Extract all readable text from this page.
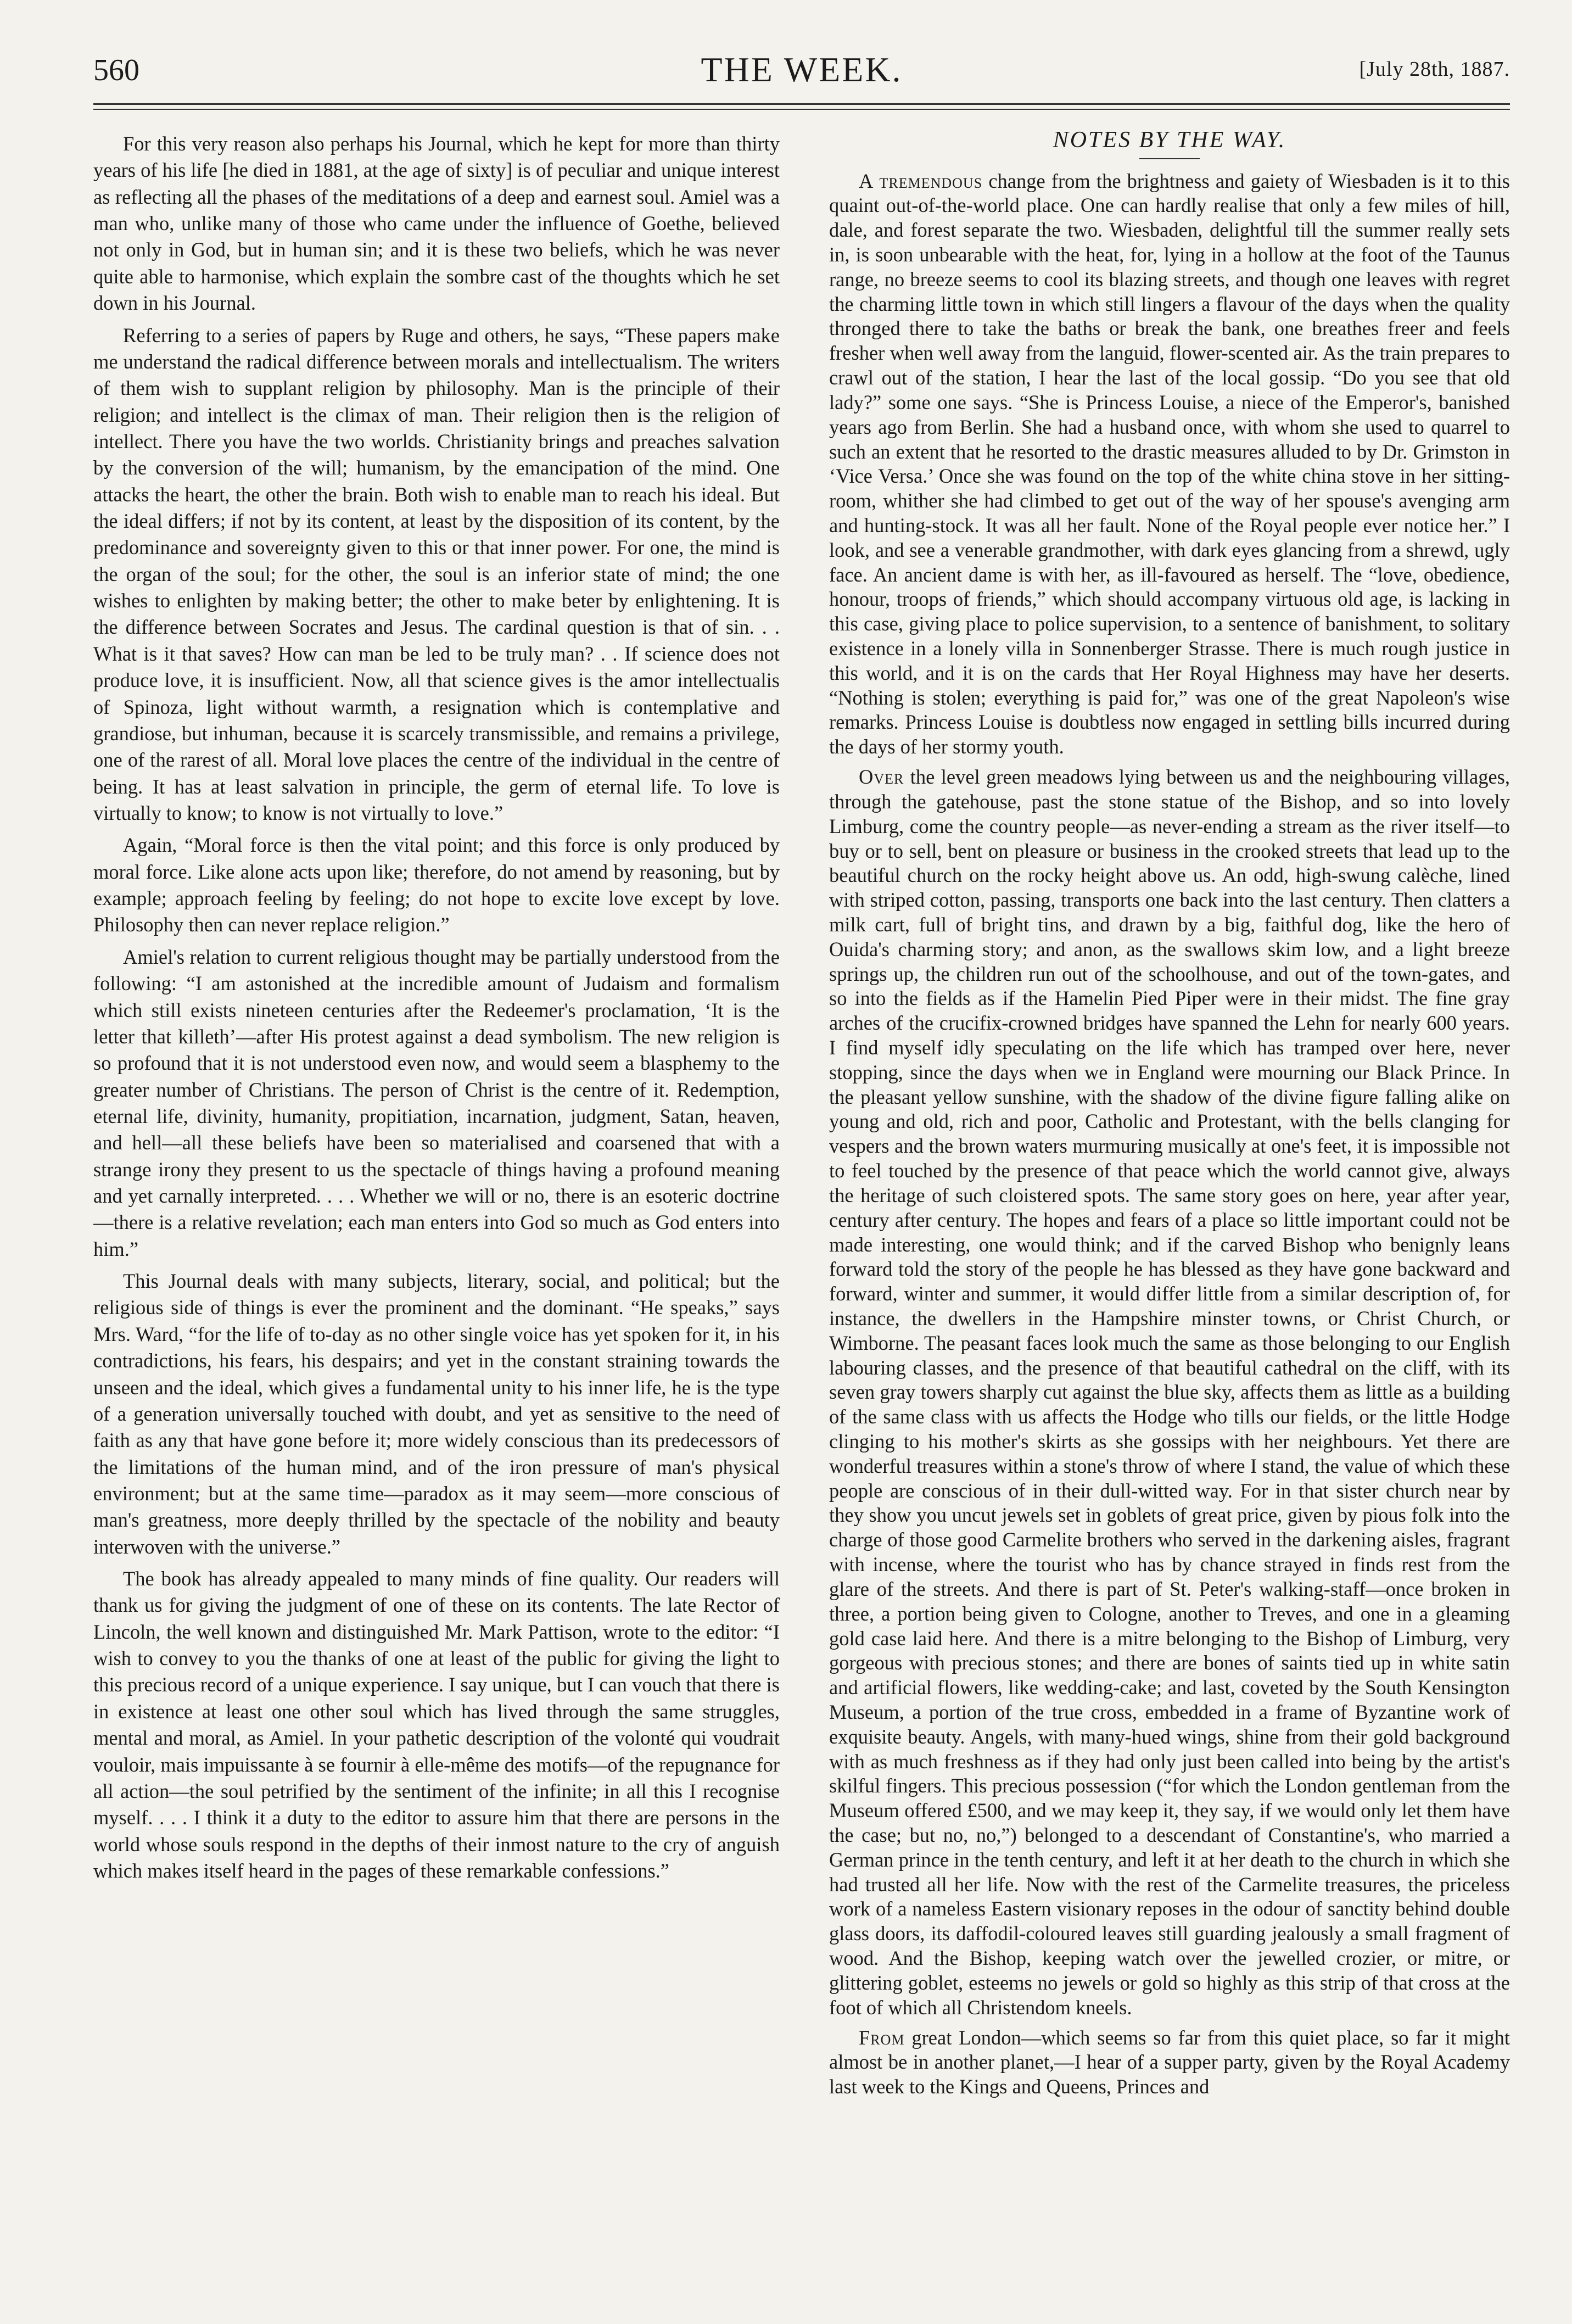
560	THE WEEK.	[July 28th, 1887.

For this very reason also perhaps his Journal, which he kept for more than thirty years of his life [he died in 1881, at the age of sixty] is of peculiar and unique interest as reflecting all the phases of the meditations of a deep and earnest soul. Amiel was a man who, unlike many of those who came under the influence of Goethe, believed not only in God, but in human sin; and it is these two beliefs, which he was never quite able to harmonise, which explain the sombre cast of the thoughts which he set down in his Journal.

Referring to a series of papers by Ruge and others, he says, “These papers make me understand the radical difference between morals and intellectualism. The writers of them wish to supplant religion by philosophy. Man is the principle of their religion; and intellect is the climax of man. Their religion then is the religion of intellect. There you have the two worlds. Christianity brings and preaches salvation by the conversion of the will; humanism, by the emancipation of the mind. One attacks the heart, the other the brain. Both wish to enable man to reach his ideal. But the ideal differs; if not by its content, at least by the disposition of its content, by the predominance and sovereignty given to this or that inner power. For one, the mind is the organ of the soul; for the other, the soul is an inferior state of mind; the one wishes to enlighten by making better; the other to make beter by enlightening. It is the difference between Socrates and Jesus. The cardinal question is that of sin. . . What is it that saves? How can man be led to be truly man? . . If science does not produce love, it is insufficient. Now, all that science gives is the amor intellectualis of Spinoza, light without warmth, a resignation which is contemplative and grandiose, but inhuman, because it is scarcely transmissible, and remains a privilege, one of the rarest of all. Moral love places the centre of the individual in the centre of being. It has at least salvation in principle, the germ of eternal life. To love is virtually to know; to know is not virtually to love.”

Again, “Moral force is then the vital point; and this force is only produced by moral force. Like alone acts upon like; therefore, do not amend by reasoning, but by example; approach feeling by feeling; do not hope to excite love except by love. Philosophy then can never replace religion.”

Amiel's relation to current religious thought may be partially understood from the following: “I am astonished at the incredible amount of Judaism and formalism which still exists nineteen centuries after the Redeemer's proclamation, ‘It is the letter that killeth’—after His protest against a dead symbolism. The new religion is so profound that it is not understood even now, and would seem a blasphemy to the greater number of Christians. The person of Christ is the centre of it. Redemption, eternal life, divinity, humanity, propitiation, incarnation, judgment, Satan, heaven, and hell—all these beliefs have been so materialised and coarsened that with a strange irony they present to us the spectacle of things having a profound meaning and yet carnally interpreted. . . . Whether we will or no, there is an esoteric doctrine—there is a relative revelation; each man enters into God so much as God enters into him.”

This Journal deals with many subjects, literary, social, and political; but the religious side of things is ever the prominent and the dominant. “He speaks,” says Mrs. Ward, “for the life of to-day as no other single voice has yet spoken for it, in his contradictions, his fears, his despairs; and yet in the constant straining towards the unseen and the ideal, which gives a fundamental unity to his inner life, he is the type of a generation universally touched with doubt, and yet as sensitive to the need of faith as any that have gone before it; more widely conscious than its predecessors of the limitations of the human mind, and of the iron pressure of man's physical environment; but at the same time—paradox as it may seem—more conscious of man's greatness, more deeply thrilled by the spectacle of the nobility and beauty interwoven with the universe.”

The book has already appealed to many minds of fine quality. Our readers will thank us for giving the judgment of one of these on its contents. The late Rector of Lincoln, the well known and distinguished Mr. Mark Pattison, wrote to the editor: “I wish to convey to you the thanks of one at least of the public for giving the light to this precious record of a unique experience. I say unique, but I can vouch that there is in existence at least one other soul which has lived through the same struggles, mental and moral, as Amiel. In your pathetic description of the volonté qui voudrait vouloir, mais impuissante à se fournir à elle-même des motifs—of the repugnance for all action—the soul petrified by the sentiment of the infinite; in all this I recognise myself. . . . I think it a duty to the editor to assure him that there are persons in the world whose souls respond in the depths of their inmost nature to the cry of anguish which makes itself heard in the pages of these remarkable confessions.”

NOTES BY THE WAY.

A tremendous change from the brightness and gaiety of Wiesbaden is it to this quaint out-of-the-world place. One can hardly realise that only a few miles of hill, dale, and forest separate the two. Wiesbaden, delightful till the summer really sets in, is soon unbearable with the heat, for, lying in a hollow at the foot of the Taunus range, no breeze seems to cool its blazing streets, and though one leaves with regret the charming little town in which still lingers a flavour of the days when the quality thronged there to take the baths or break the bank, one breathes freer and feels fresher when well away from the languid, flower-scented air. As the train prepares to crawl out of the station, I hear the last of the local gossip. “Do you see that old lady?” some one says. “She is Princess Louise, a niece of the Emperor's, banished years ago from Berlin. She had a husband once, with whom she used to quarrel to such an extent that he resorted to the drastic measures alluded to by Dr. Grimston in ‘Vice Versa.’ Once she was found on the top of the white china stove in her sitting-room, whither she had climbed to get out of the way of her spouse's avenging arm and hunting-stock. It was all her fault. None of the Royal people ever notice her.” I look, and see a venerable grandmother, with dark eyes glancing from a shrewd, ugly face. An ancient dame is with her, as ill-favoured as herself. The “love, obedience, honour, troops of friends,” which should accompany virtuous old age, is lacking in this case, giving place to police supervision, to a sentence of banishment, to solitary existence in a lonely villa in Sonnenberger Strasse. There is much rough justice in this world, and it is on the cards that Her Royal Highness may have her deserts. “Nothing is stolen; everything is paid for,” was one of the great Napoleon's wise remarks. Princess Louise is doubtless now engaged in settling bills incurred during the days of her stormy youth.

Over the level green meadows lying between us and the neighbouring villages, through the gatehouse, past the stone statue of the Bishop, and so into lovely Limburg, come the country people—as never-ending a stream as the river itself—to buy or to sell, bent on pleasure or business in the crooked streets that lead up to the beautiful church on the rocky height above us. An odd, high-swung calèche, lined with striped cotton, passing, transports one back into the last century. Then clatters a milk cart, full of bright tins, and drawn by a big, faithful dog, like the hero of Ouida's charming story; and anon, as the swallows skim low, and a light breeze springs up, the children run out of the schoolhouse, and out of the town-gates, and so into the fields as if the Hamelin Pied Piper were in their midst. The fine gray arches of the crucifix-crowned bridges have spanned the Lehn for nearly 600 years. I find myself idly speculating on the life which has tramped over here, never stopping, since the days when we in England were mourning our Black Prince. In the pleasant yellow sunshine, with the shadow of the divine figure falling alike on young and old, rich and poor, Catholic and Protestant, with the bells clanging for vespers and the brown waters murmuring musically at one's feet, it is impossible not to feel touched by the presence of that peace which the world cannot give, always the heritage of such cloistered spots. The same story goes on here, year after year, century after century. The hopes and fears of a place so little important could not be made interesting, one would think; and if the carved Bishop who benignly leans forward told the story of the people he has blessed as they have gone backward and forward, winter and summer, it would differ little from a similar description of, for instance, the dwellers in the Hampshire minster towns, or Christ Church, or Wimborne. The peasant faces look much the same as those belonging to our English labouring classes, and the presence of that beautiful cathedral on the cliff, with its seven gray towers sharply cut against the blue sky, affects them as little as a building of the same class with us affects the Hodge who tills our fields, or the little Hodge clinging to his mother's skirts as she gossips with her neighbours. Yet there are wonderful treasures within a stone's throw of where I stand, the value of which these people are conscious of in their dull-witted way. For in that sister church near by they show you uncut jewels set in goblets of great price, given by pious folk into the charge of those good Carmelite brothers who served in the darkening aisles, fragrant with incense, where the tourist who has by chance strayed in finds rest from the glare of the streets. And there is part of St. Peter's walking-staff—once broken in three, a portion being given to Cologne, another to Treves, and one in a gleaming gold case laid here. And there is a mitre belonging to the Bishop of Limburg, very gorgeous with precious stones; and there are bones of saints tied up in white satin and artificial flowers, like wedding-cake; and last, coveted by the South Kensington Museum, a portion of the true cross, embedded in a frame of Byzantine work of exquisite beauty. Angels, with many-hued wings, shine from their gold background with as much freshness as if they had only just been called into being by the artist's skilful fingers. This precious possession (“for which the London gentleman from the Museum offered £500, and we may keep it, they say, if we would only let them have the case; but no, no,”) belonged to a descendant of Constantine's, who married a German prince in the tenth century, and left it at her death to the church in which she had trusted all her life. Now with the rest of the Carmelite treasures, the priceless work of a nameless Eastern visionary reposes in the odour of sanctity behind double glass doors, its daffodil-coloured leaves still guarding jealously a small fragment of wood. And the Bishop, keeping watch over the jewelled crozier, or mitre, or glittering goblet, esteems no jewels or gold so highly as this strip of that cross at the foot of which all Christendom kneels.

From great London—which seems so far from this quiet place, so far it might almost be in another planet,—I hear of a supper party, given by the Royal Academy last week to the Kings and Queens, Princes and
